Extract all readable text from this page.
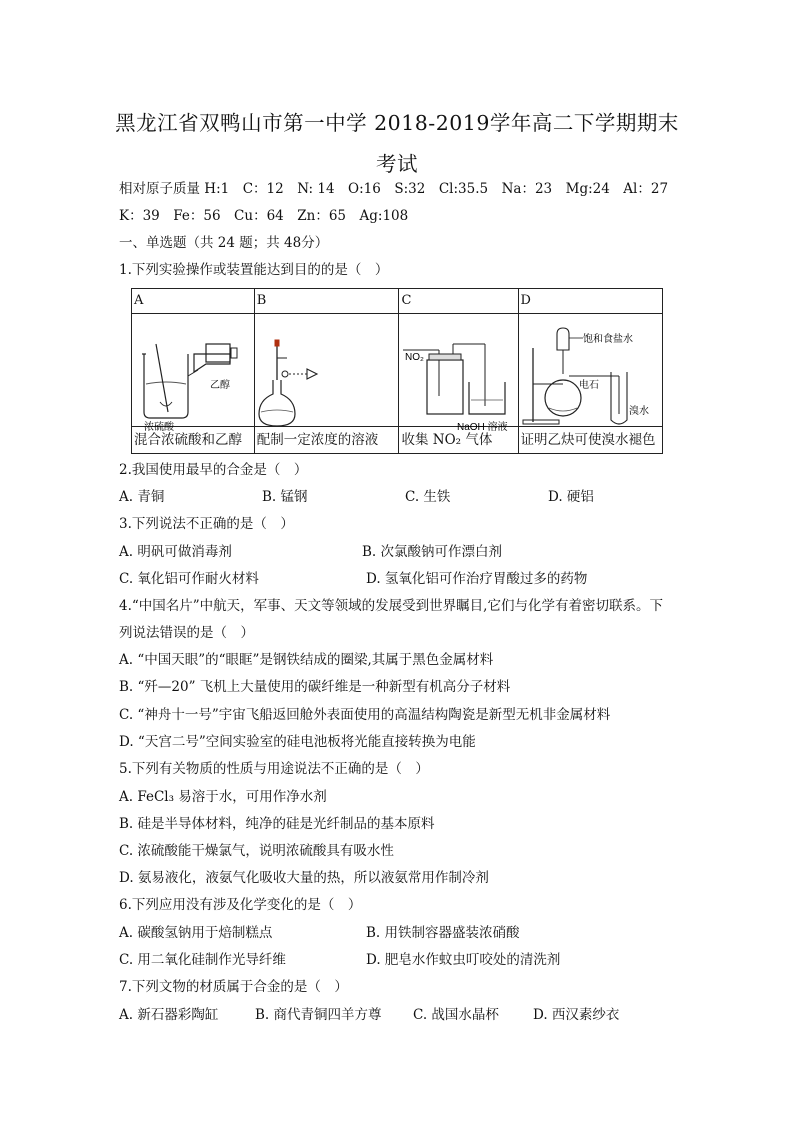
黑龙江省双鸭山市第一中学 2018-2019学年高二下学期期末
考试
相对原子质量 H:1　C：12　N: 14　O:16　S:32　Cl:35.5　Na：23　Mg:24　Al：27
K：39　Fe：56　Cu：64　Zn：65　Ag:108
一、单选题（共 24 题；共 48分）
1.下列实验操作或装置能达到目的的是（　）
A	B	C	D

乙醇
浓硫酸		NO₂
NaOH 溶液	饱和食盐水
电石
溴水

混合浓硫酸和乙醇	配制一定浓度的溶液	收集 NO₂ 气体	证明乙炔可使溴水褪色
2.我国使用最早的合金是（　）
A. 青铜	B. 锰钢	C. 生铁	D. 硬铝
3.下列说法不正确的是（　）
A. 明矾可做消毒剂	B. 次氯酸钠可作漂白剂
C. 氧化铝可作耐火材料	D. 氢氧化铝可作治疗胃酸过多的药物
4.“中国名片”中航天，军事、天文等领域的发展受到世界瞩目,它们与化学有着密切联系。下
列说法错误的是（　）
A. “中国天眼”的“眼眶”是钢铁结成的圈梁,其属于黑色金属材料
B. “歼—20” 飞机上大量使用的碳纤维是一种新型有机高分子材料
C. “神舟十一号”宇宙飞船返回舱外表面使用的高温结构陶瓷是新型无机非金属材料
D. “天宫二号”空间实验室的硅电池板将光能直接转换为电能
5.下列有关物质的性质与用途说法不正确的是（　）
A. FeCl₃ 易溶于水，可用作净水剂
B. 硅是半导体材料，纯净的硅是光纤制品的基本原料
C. 浓硫酸能干燥氯气，说明浓硫酸具有吸水性
D. 氨易液化，液氨气化吸收大量的热，所以液氨常用作制冷剂
6.下列应用没有涉及化学变化的是（　）
A. 碳酸氢钠用于焙制糕点	B. 用铁制容器盛装浓硝酸
C. 用二氧化硅制作光导纤维	D. 肥皂水作蚊虫叮咬处的清洗剂
7.下列文物的材质属于合金的是（　）
A. 新石器彩陶缸	B. 商代青铜四羊方尊 C. 战国水晶杯	D. 西汉素纱衣
